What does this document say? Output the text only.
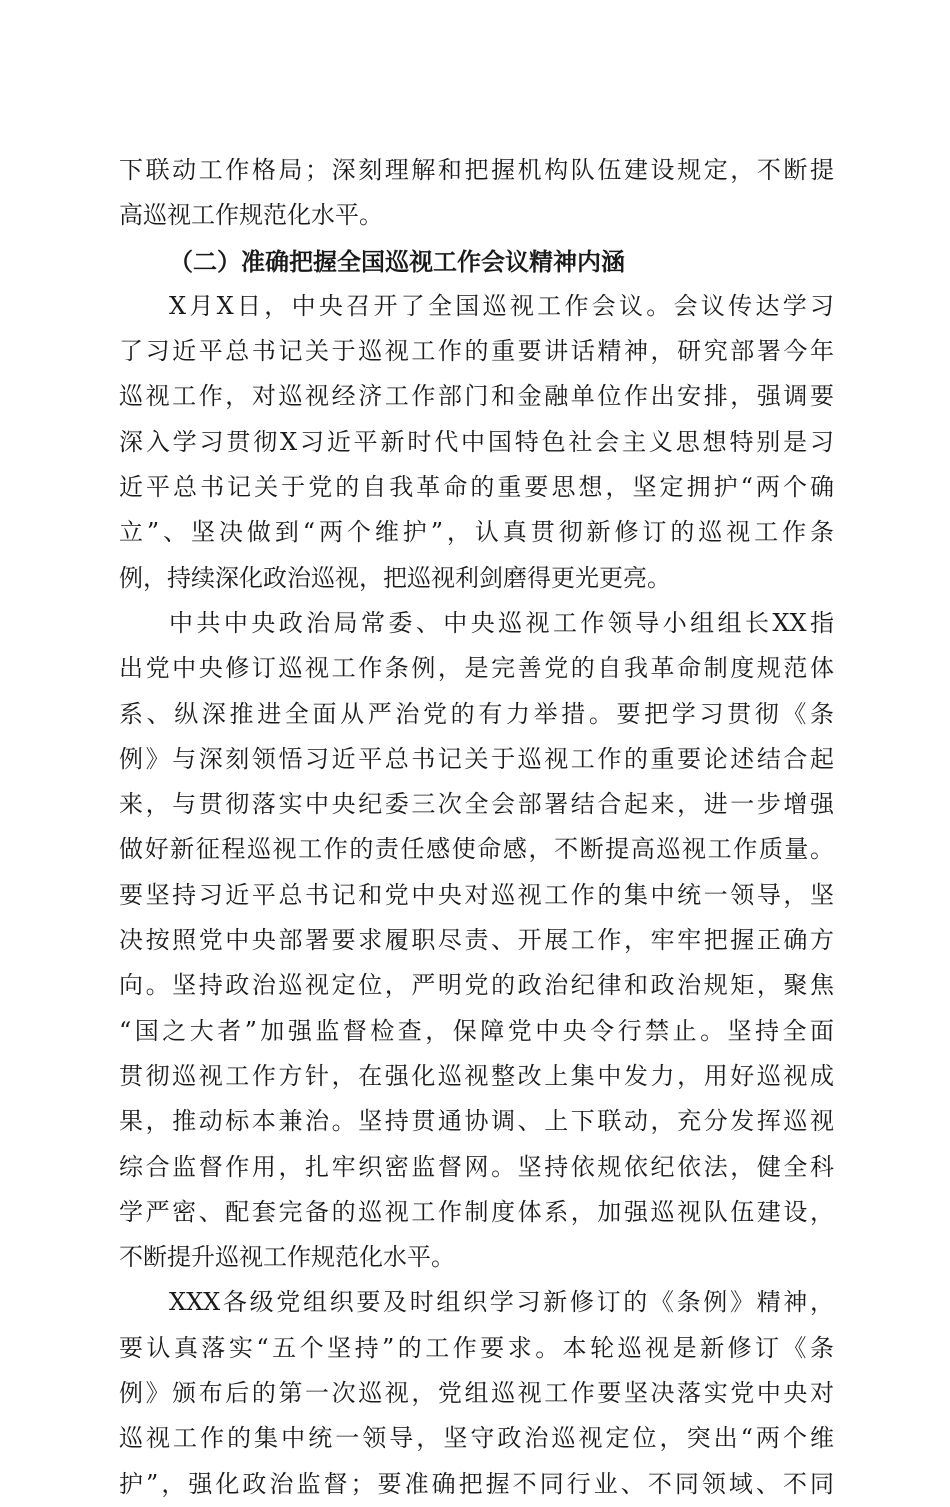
下联动工作格局；深刻理解和把握机构队伍建设规定，不断提
高巡视工作规范化水平。
（二）准确把握全国巡视工作会议精神内涵
X月X日，中央召开了全国巡视工作会议。会议传达学习
了习近平总书记关于巡视工作的重要讲话精神，研究部署今年
巡视工作，对巡视经济工作部门和金融单位作出安排，强调要
深入学习贯彻X习近平新时代中国特色社会主义思想特别是习
近平总书记关于党的自我革命的重要思想，坚定拥护“两个确
立”、坚决做到“两个维护”，认真贯彻新修订的巡视工作条
例，持续深化政治巡视，把巡视利剑磨得更光更亮。
中共中央政治局常委、中央巡视工作领导小组组长XX指
出党中央修订巡视工作条例，是完善党的自我革命制度规范体
系、纵深推进全面从严治党的有力举措。要把学习贯彻《条
例》与深刻领悟习近平总书记关于巡视工作的重要论述结合起
来，与贯彻落实中央纪委三次全会部署结合起来，进一步增强
做好新征程巡视工作的责任感使命感，不断提高巡视工作质量。
要坚持习近平总书记和党中央对巡视工作的集中统一领导，坚
决按照党中央部署要求履职尽责、开展工作，牢牢把握正确方
向。坚持政治巡视定位，严明党的政治纪律和政治规矩，聚焦
“国之大者”加强监督检查，保障党中央令行禁止。坚持全面
贯彻巡视工作方针，在强化巡视整改上集中发力，用好巡视成
果，推动标本兼治。坚持贯通协调、上下联动，充分发挥巡视
综合监督作用，扎牢织密监督网。坚持依规依纪依法，健全科
学严密、配套完备的巡视工作制度体系，加强巡视队伍建设，
不断提升巡视工作规范化水平。
XXX各级党组织要及时组织学习新修订的《条例》精神，
要认真落实“五个坚持”的工作要求。本轮巡视是新修订《条
例》颁布后的第一次巡视，党组巡视工作要坚决落实党中央对
巡视工作的集中统一领导，坚守政治巡视定位，突出“两个维
护”，强化政治监督；要准确把握不同行业、不同领域、不同
